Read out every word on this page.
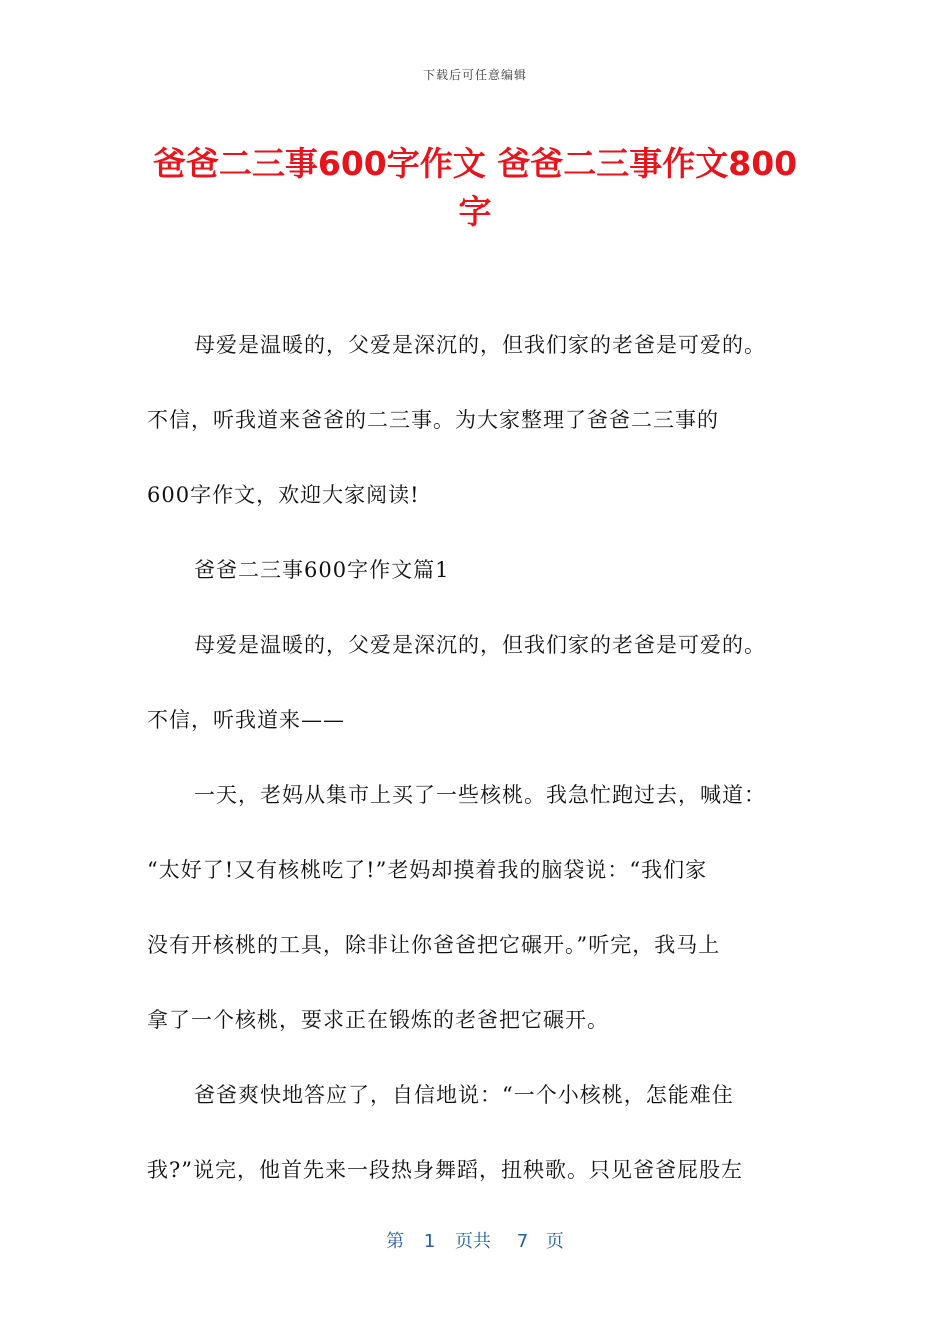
下载后可任意编辑
爸爸二三事600字作文 爸爸二三事作文800字
母爱是温暖的，父爱是深沉的，但我们家的老爸是可爱的。
不信，听我道来爸爸的二三事。为大家整理了爸爸二三事的
600字作文，欢迎大家阅读!
爸爸二三事600字作文篇1
母爱是温暖的，父爱是深沉的，但我们家的老爸是可爱的。
不信，听我道来——
一天，老妈从集市上买了一些核桃。我急忙跑过去，喊道：
“太好了!又有核桃吃了!”老妈却摸着我的脑袋说：“我们家
没有开核桃的工具，除非让你爸爸把它碾开。”听完，我马上
拿了一个核桃，要求正在锻炼的老爸把它碾开。
爸爸爽快地答应了，自信地说：“一个小核桃，怎能难住
我?”说完，他首先来一段热身舞蹈，扭秧歌。只见爸爸屁股左
第 1 页共 7 页
